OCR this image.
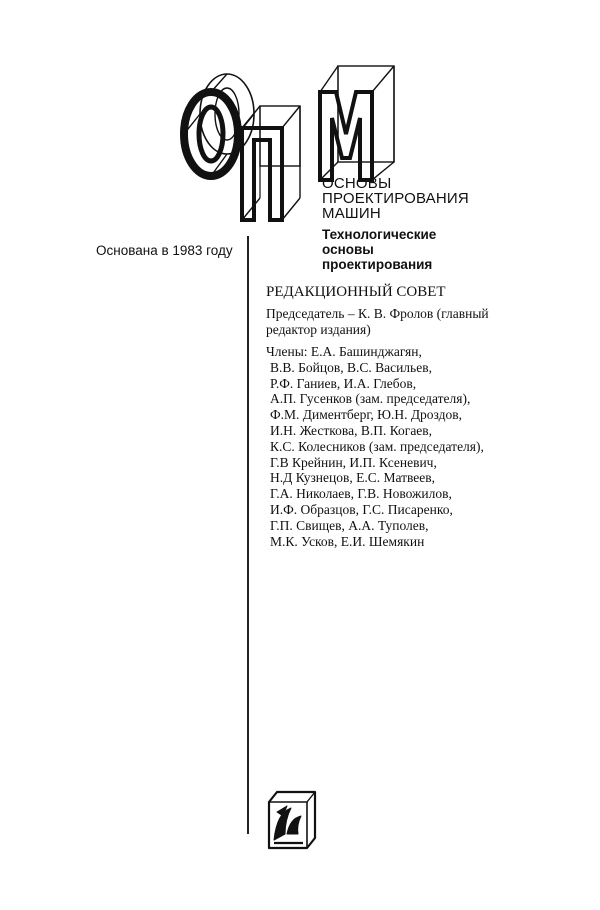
ОСНОВЫ
ПРОЕКТИРОВАНИЯ
МАШИН
Технологические
основы
проектирования
Основана в 1983 году
РЕДАКЦИОННЫЙ СОВЕТ
Председатель – К. В. Фролов (главный
редактор издания)
Члены: Е.А. Башинджагян,
В.В. Бойцов, В.С. Васильев,
Р.Ф. Ганиев, И.А. Глебов,
А.П. Гусенков (зам. председателя),
Ф.М. Диментберг, Ю.Н. Дроздов,
И.Н. Жесткова, В.П. Когаев,
К.С. Колесников (зам. председателя),
Г.В Крейнин, И.П. Ксеневич,
Н.Д Кузнецов, Е.С. Матвеев,
Г.А. Николаев, Г.В. Новожилов,
И.Ф. Образцов, Г.С. Писаренко,
Г.П. Свищев, А.А. Туполев,
М.К. Усков, Е.И. Шемякин
